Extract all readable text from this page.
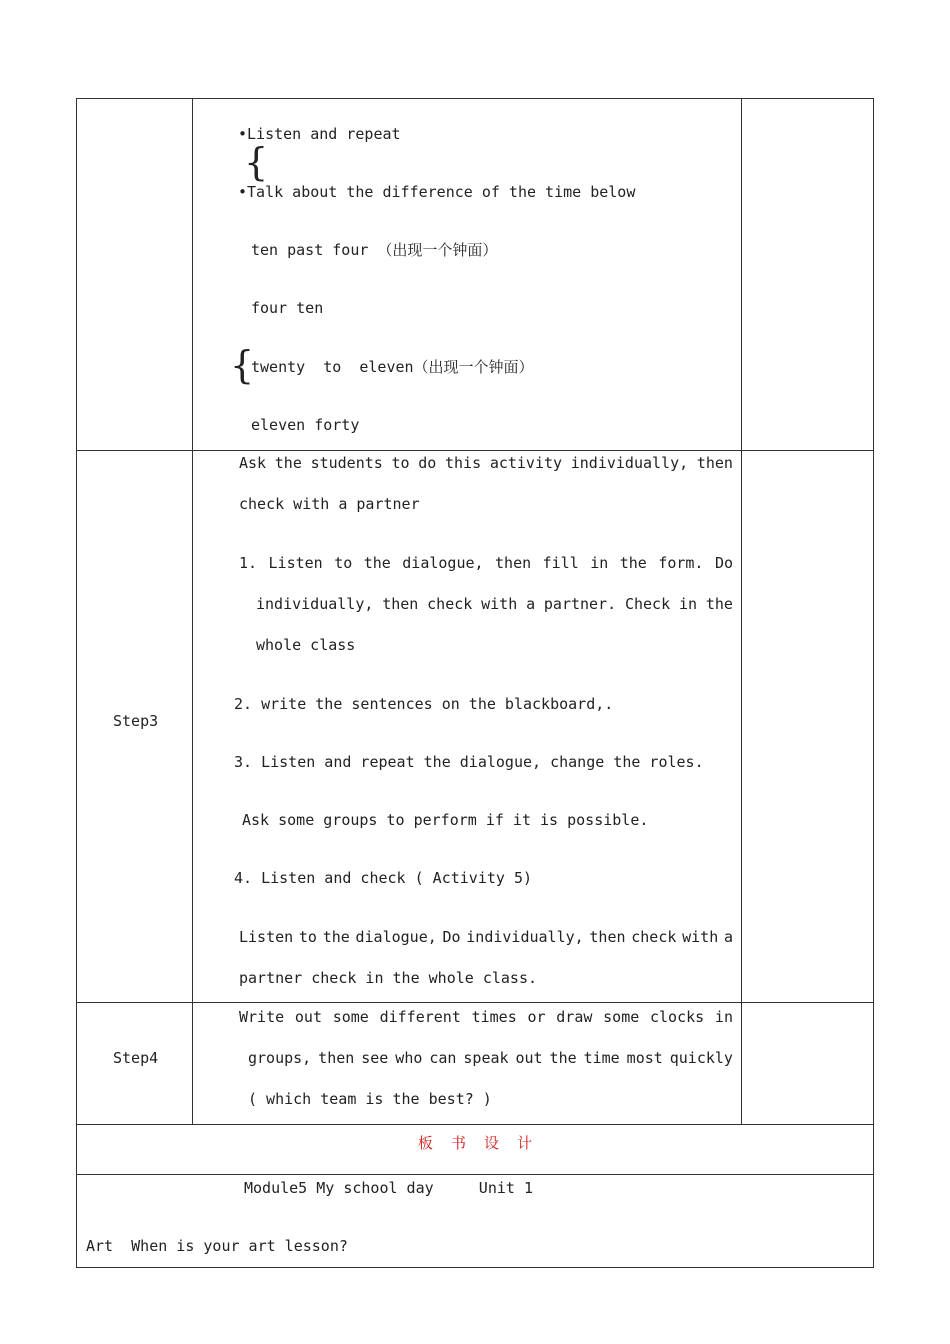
•Listen and repeat
{
•Talk about the difference of the time below
ten past four （出现一个钟面）
four ten
{
twenty  to  eleven（出现一个钟面）
eleven forty
Step3
Ask the students to do this activity individually, then
check with a partner
1. Listen to the dialogue, then fill in the form. Do
individually, then check with a partner. Check in the
whole class
2. write the sentences on the blackboard,.
3. Listen and repeat the dialogue, change the roles.
Ask some groups to perform if it is possible.
4. Listen and check ( Activity 5)
Listen to the dialogue, Do individually, then check with a
partner check in the whole class.
Step4
Write out some different times or draw some clocks in
groups, then see who can speak out the time most quickly
( which team is the best? )
板  书  设  计
Module5 My school day     Unit 1
Art  When is your art lesson?
